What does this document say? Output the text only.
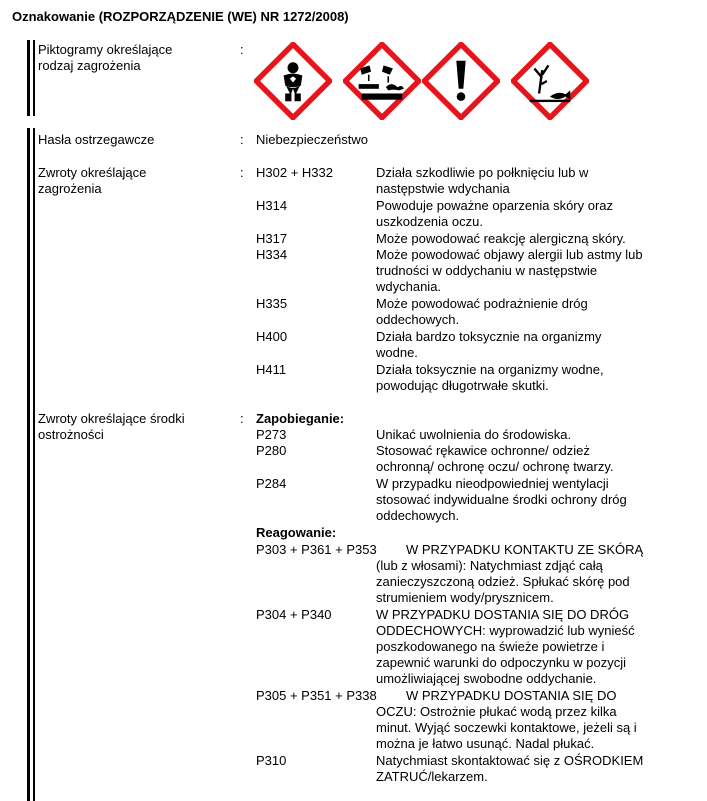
Oznakowanie (ROZPORZĄDZENIE (WE) NR 1272/2008)
Piktogramy określające
rodzaj zagrożenia
:
Hasła ostrzegawcze	: Niebezpieczeństwo
Zwroty określające
zagrożenia
: H302 + H332	Działa szkodliwie po połknięciu lub w
następstwie wdychania
H314	Powoduje poważne oparzenia skóry oraz
uszkodzenia oczu.
H317	Może powodować reakcję alergiczną skóry.
H334	Może powodować objawy alergii lub astmy lub
trudności w oddychaniu w następstwie
wdychania.
H335	Może powodować podrażnienie dróg
oddechowych.
H400	Działa bardzo toksycznie na organizmy
wodne.
H411	Działa toksycznie na organizmy wodne,
powodując długotrwałe skutki.
Zwroty określające środki
ostrożności
: Zapobieganie:
P273	Unikać uwolnienia do środowiska.
P280	Stosować rękawice ochronne/ odzież
ochronną/ ochronę oczu/ ochronę twarzy.
P284	W przypadku nieodpowiedniej wentylacji
stosować indywidualne środki ochrony dróg
oddechowych.
Reagowanie:
P303 + P361 + P353 W PRZYPADKU KONTAKTU ZE SKÓRĄ
(lub z włosami): Natychmiast zdjąć całą
zanieczyszczoną odzież. Spłukać skórę pod
strumieniem wody/prysznicem.
P304 + P340	W PRZYPADKU DOSTANIA SIĘ DO DRÓG
ODDECHOWYCH: wyprowadzić lub wynieść
poszkodowanego na świeże powietrze i
zapewnić warunki do odpoczynku w pozycji
umożliwiającej swobodne oddychanie.
P305 + P351 + P338 W PRZYPADKU DOSTANIA SIĘ DO
OCZU: Ostrożnie płukać wodą przez kilka
minut. Wyjąć soczewki kontaktowe, jeżeli są i
można je łatwo usunąć. Nadal płukać.
P310	Natychmiast skontaktować się z OŚRODKIEM
ZATRUĆ/lekarzem.
